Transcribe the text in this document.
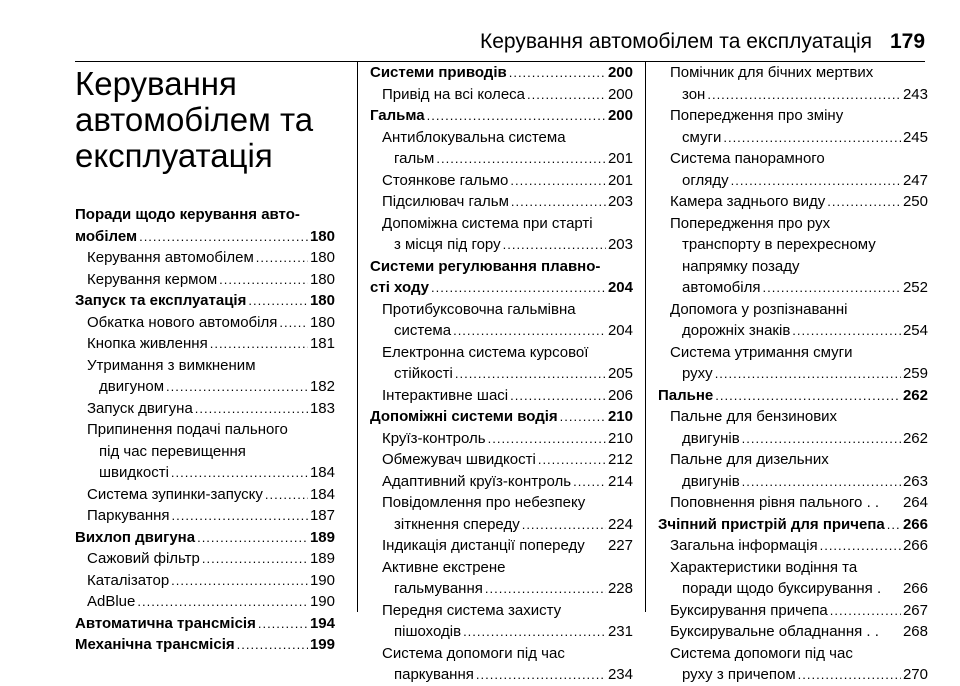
Керування автомобілем та експлуатація 179
Керування
автомобілем та
експлуатація
Поради щодо керування авто-
мобілем .....	180
Керування автомобілем .....	180
Керування кермом .....	180
Запуск та експлуатація .....	180
Обкатка нового автомобіля ..... 180
Кнопка живлення .....	181
Утримання з вимкненим
двигуном .....	182
Запуск двигуна .....	183
Припинення подачі пального
під час перевищення
швидкості .....	184
Система зупинки-запуску .....	184
Паркування .....	187
Вихлоп двигуна .....	189
Сажовий фільтр .....	189
Каталізатор .....	190
AdBlue .....	190
Автоматична трансмісія .....	194
Механічна трансмісія .....	199
Системи приводів .....	200
Привід на всі колеса .....	200
Гальма .....	200
Антиблокувальна система
гальм .....	201
Стоянкове гальмо .....	201
Підсилювач гальм .....	203
Допоміжна система при старті
з місця під гору .....	203
Системи регулювання плавно-
сті ходу .....	204
Протибуксовочна гальмівна
система .....	204
Електронна система курсової
стійкості .....	205
Інтерактивне шасі .....	206
Допоміжні системи водія .....	210
Круїз-контроль .....	210
Обмежувач швидкості .....	212
Адаптивний круїз-контроль ..... 214
Повідомлення про небезпеку
зіткнення спереду .....	224
Індикація дистанції попереду 227
Активне екстрене
гальмування .....	228
Передня система захисту
пішоходів .....	231
Система допомоги під час
паркування .....	234
Помічник для бічних мертвих
зон .....	243
Попередження про зміну
смуги .....	245
Система панорамного
огляду .....	247
Камера заднього виду .....	250
Попередження про рух
транспорту в перехресному
напрямку позаду
автомобіля .....	252
Допомога у розпізнаванні
дорожніх знаків .....	254
Система утримання смуги
руху .....	259
Пальне .....	262
Пальне для бензинових
двигунів .....	262
Пальне для дизельних
двигунів .....	263
Поповнення рівня пального . . 264
Зчіпний пристрій для причепа ..... 266
Загальна інформація .....	266
Характеристики водіння та
поради щодо буксирування . 266
Буксирування причепа .....	267
Буксирувальне обладнання . . 268
Система допомоги під час
руху з причепом .....	270
